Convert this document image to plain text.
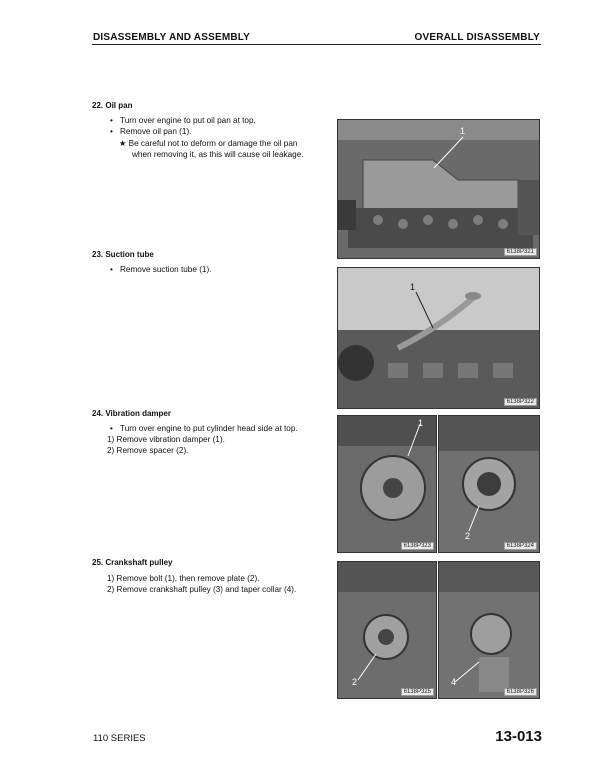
DISASSEMBLY AND ASSEMBLY	OVERALL DISASSEMBLY
22. Oil pan
• Turn over engine to put oil pan at top.
• Remove oil pan (1).
★ Be careful not to deform or damage the oil pan
when removing it, as this will cause oil leakage.
1
6138P321
23. Suction tube
• Remove suction tube (1).
1
6138P322
24. Vibration damper
• Turn over engine to put cylinder head side at top.
1) Remove vibration damper (1).
2) Remove spacer (2).
1
6138P323
2
6138P324
25. Crankshaft pulley
1) Remove bolt (1), then remove plate (2).
2) Remove crankshaft pulley (3) and taper collar (4).
2
6138P325
4
6138P326
110 SERIES	13-013
